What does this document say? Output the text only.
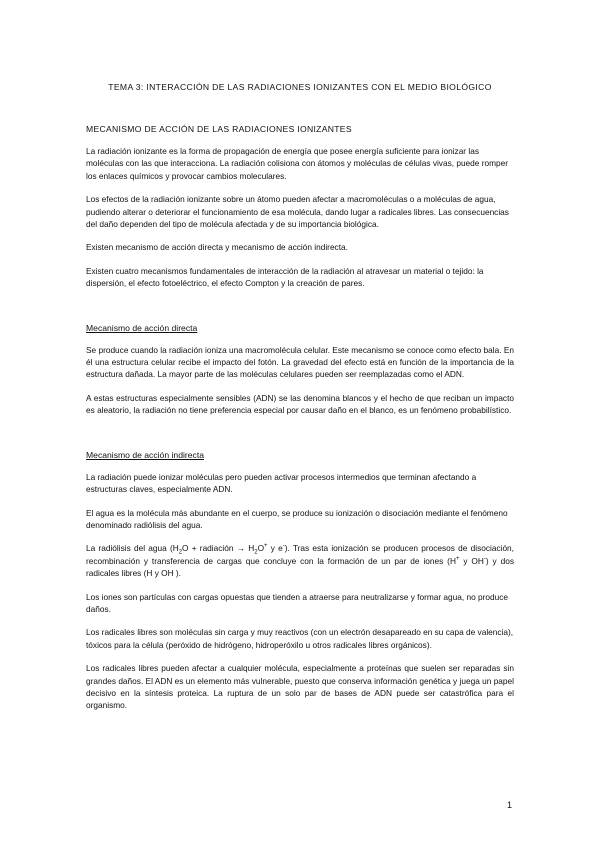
TEMA 3: INTERACCIÓN DE LAS RADIACIONES IONIZANTES CON EL MEDIO BIOLÓGICO
MECANISMO DE ACCIÓN DE LAS RADIACIONES IONIZANTES

La radiación ionizante es la forma de propagación de energía que posee energía suficiente para ionizar las moléculas con las que interacciona. La radiación colisiona con átomos y moléculas de células vivas, puede romper los enlaces químicos y provocar cambios moleculares.

Los efectos de la radiación ionizante sobre un átomo pueden afectar a macromoléculas o a moléculas de agua, pudiendo alterar o deteriorar el funcionamiento de esa molécula, dando lugar a radicales libres. Las consecuencias del daño dependen del tipo de molécula afectada y de su importancia biológica.

Existen mecanismo de acción directa y mecanismo de acción indirecta.

Existen cuatro mecanismos fundamentales de interacción de la radiación al atravesar un material o tejido: la dispersión, el efecto fotoeléctrico, el efecto Compton y la creación de pares.

Mecanismo de acción directa

Se produce cuando la radiación ioniza una macromolécula celular. Este mecanismo se conoce como efecto bala. En él una estructura celular recibe el impacto del fotón. La gravedad del efecto está en función de la importancia de la estructura dañada. La mayor parte de las moléculas celulares pueden ser reemplazadas como el ADN.

A estas estructuras especialmente sensibles (ADN) se las denomina blancos y el hecho de que reciban un impacto es aleatorio, la radiación no tiene preferencia especial por causar daño en el blanco, es un fenómeno probabilístico.

Mecanismo de acción indirecta

La radiación puede ionizar moléculas pero pueden activar procesos intermedios que terminan afectando a estructuras claves, especialmente ADN.

El agua es la molécula más abundante en el cuerpo, se produce su ionización o disociación mediante el fenómeno denominado radiólisis del agua.

La radiólisis del agua ($H_2O$ + radiación → $H_2O^+$ y e-). Tras esta ionización se producen procesos de disociación, recombinación y transferencia de cargas que concluye con la formación de un par de iones (H+ y OH-) y dos radicales libres (H y OH ).

Los iones son partículas con cargas opuestas que tienden a atraerse para neutralizarse y formar agua, no produce daños.

Los radicales libres son moléculas sin carga y muy reactivos (con un electrón desapareado en su capa de valencia), tóxicos para la célula (peróxido de hidrógeno, hidroperóxilo u otros radicales libres orgánicos).

Los radicales libres pueden afectar a cualquier molécula, especialmente a proteínas que suelen ser reparadas sin grandes daños. El ADN es un elemento más vulnerable, puesto que conserva información genética y juega un papel decisivo en la síntesis proteica. La ruptura de un solo par de bases de ADN puede ser catastrófica para el organismo.

1
